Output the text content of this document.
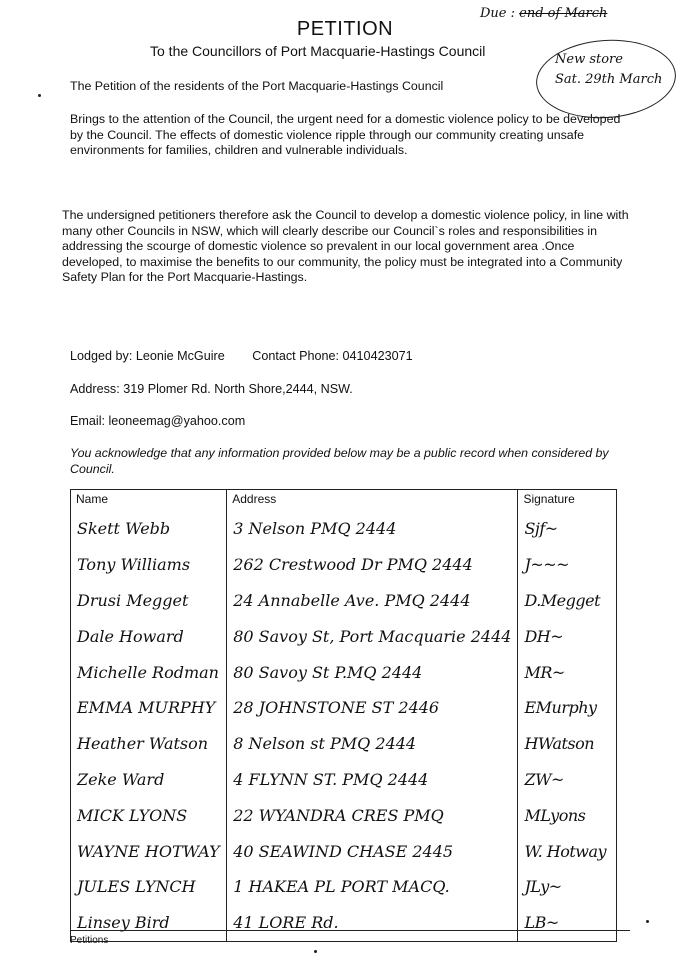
Due : end of March
New store
Sat. 29th March
PETITION
To the Councillors of Port Macquarie-Hastings Council
The Petition of the residents of the Port Macquarie-Hastings Council
Brings to the attention of the Council, the urgent need for a domestic violence policy to be developed by the Council. The effects of domestic violence ripple through our community creating unsafe environments for families, children and vulnerable individuals.
The undersigned petitioners therefore ask the Council to develop a domestic violence policy, in line with many other Councils in NSW, which will clearly describe our Council`s roles and responsibilities in addressing the scourge of domestic violence so prevalent in our local government area .Once developed, to maximise the benefits to our community, the policy must be integrated into a Community Safety Plan for the Port Macquarie-Hastings.
Lodged by: Leonie McGuire Contact Phone: 0410423071
Address: 319 Plomer Rd. North Shore,2444, NSW.
Email: leoneemag@yahoo.com
You acknowledge that any information provided below may be a public record when considered by Council.
Name	Address	Signature
Skett Webb	3 Nelson PMQ 2444	Sjf~
Tony Williams	262 Crestwood Dr PMQ 2444	J~~~
Drusi Megget	24 Annabelle Ave. PMQ 2444	D.Megget
Dale Howard	80 Savoy St, Port Macquarie 2444	DH~
Michelle Rodman	80 Savoy St P.MQ 2444	MR~
EMMA MURPHY	28 JOHNSTONE ST 2446	EMurphy
Heather Watson	8 Nelson st PMQ 2444	HWatson
Zeke Ward	4 FLYNN ST. PMQ 2444	ZW~
MICK LYONS	22 WYANDRA CRES PMQ	MLyons
WAYNE HOTWAY	40 SEAWIND CHASE 2445	W. Hotway
JULES LYNCH	1 HAKEA PL PORT MACQ.	JLy~
Linsey Bird	41 LORE Rd.	LB~
Petitions
